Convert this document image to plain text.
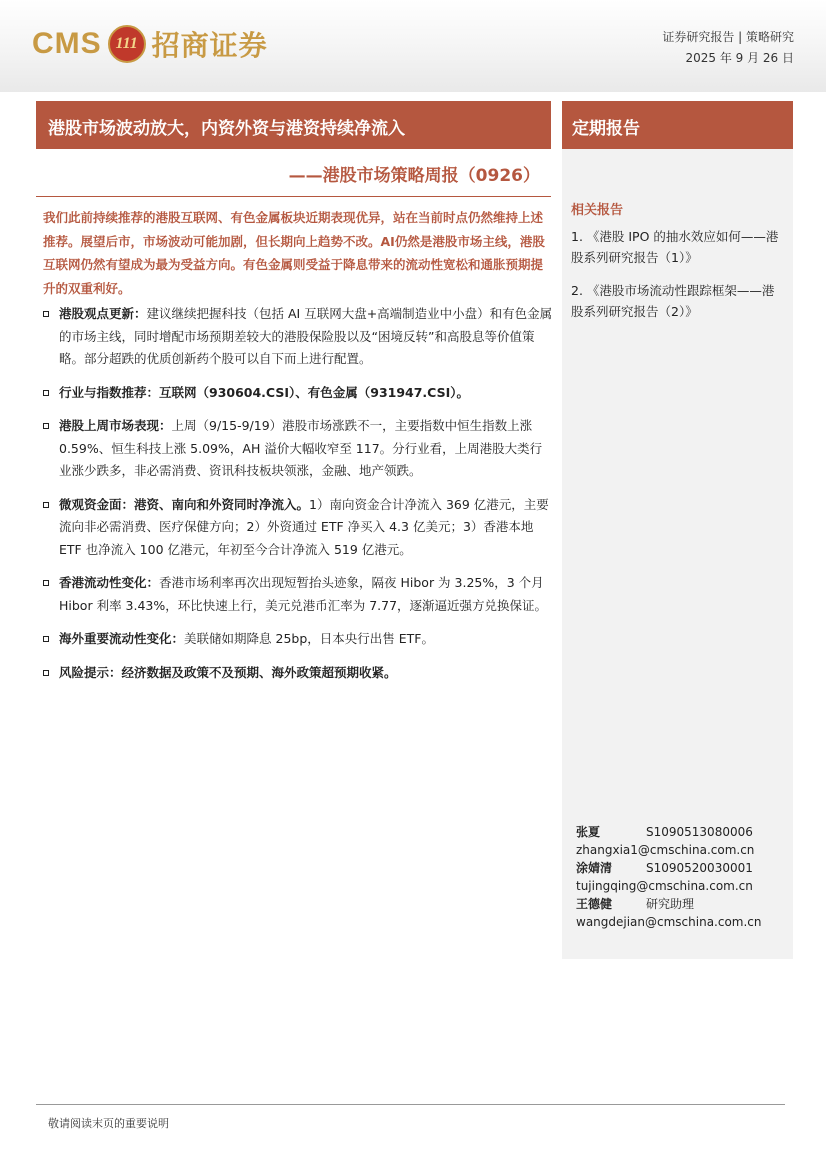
CMS 111 招商证券	证券研究报告 | 策略研究
2025 年 9 月 26 日
港股市场波动放大，内资外资与港资持续净流入	定期报告
——港股市场策略周报（0926）
我们此前持续推荐的港股互联网、有色金属板块近期表现优异，站在当前时点仍然维持上述推荐。展望后市，市场波动可能加剧，但长期向上趋势不改。AI仍然是港股市场主线，港股互联网仍然有望成为最为受益方向。有色金属则受益于降息带来的流动性宽松和通胀预期提升的双重利好。
港股观点更新：建议继续把握科技（包括 AI 互联网大盘+高端制造业中小盘）和有色金属的市场主线，同时增配市场预期差较大的港股保险股以及“困境反转”和高股息等价值策略。部分超跌的优质创新药个股可以自下而上进行配置。
行业与指数推荐：互联网（930604.CSI）、有色金属（931947.CSI）。
港股上周市场表现：上周（9/15-9/19）港股市场涨跌不一，主要指数中恒生指数上涨 0.59%、恒生科技上涨 5.09%，AH 溢价大幅收窄至 117。分行业看，上周港股大类行业涨少跌多，非必需消费、资讯科技板块领涨，金融、地产领跌。
微观资金面：港资、南向和外资同时净流入。1）南向资金合计净流入 369 亿港元，主要流向非必需消费、医疗保健方向；2）外资通过 ETF 净买入 4.3 亿美元；3）香港本地 ETF 也净流入 100 亿港元，年初至今合计净流入 519 亿港元。
香港流动性变化：香港市场利率再次出现短暂抬头迹象，隔夜 Hibor 为 3.25%，3 个月 Hibor 利率 3.43%，环比快速上行，美元兑港币汇率为 7.77，逐渐逼近强方兑换保证。
海外重要流动性变化：美联储如期降息 25bp，日本央行出售 ETF。
风险提示：经济数据及政策不及预期、海外政策超预期收紧。
相关报告
1. 《港股 IPO 的抽水效应如何——港股系列研究报告（1）》
2. 《港股市场流动性跟踪框架——港股系列研究报告（2）》
张夏	S1090513080006
zhangxia1@cmschina.com.cn
涂婧清	S1090520030001
tujingqing@cmschina.com.cn
王德健	研究助理
wangdejian@cmschina.com.cn
敬请阅读末页的重要说明
